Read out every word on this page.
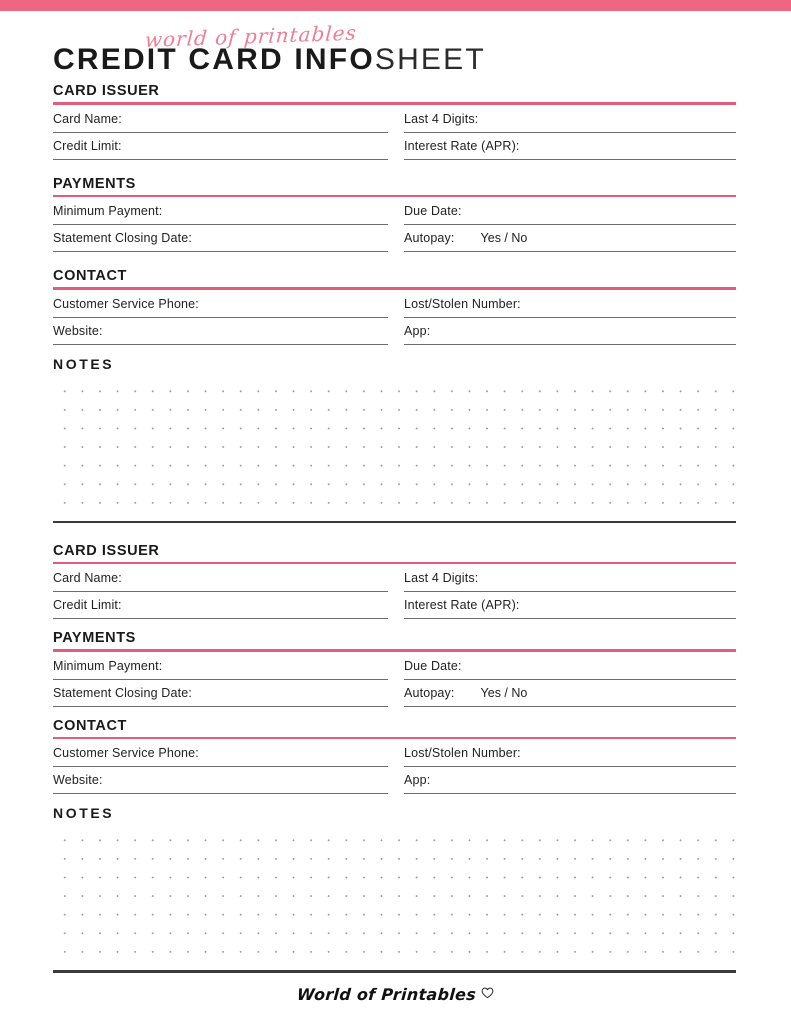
world of printables
CREDIT CARD INFOSHEET
CARD ISSUER
Card Name:	Last 4 Digits:
Credit Limit:	Interest Rate (APR):
PAYMENTS
Minimum Payment:	Due Date:
Statement Closing Date:	Autopay: Yes / No
CONTACT
Customer Service Phone:	Lost/Stolen Number:
Website:	App:
NOTES
CARD ISSUER
Card Name:	Last 4 Digits:
Credit Limit:	Interest Rate (APR):
PAYMENTS
Minimum Payment:	Due Date:
Statement Closing Date:	Autopay: Yes / No
CONTACT
Customer Service Phone:	Lost/Stolen Number:
Website:	App:
NOTES
World of Printables
